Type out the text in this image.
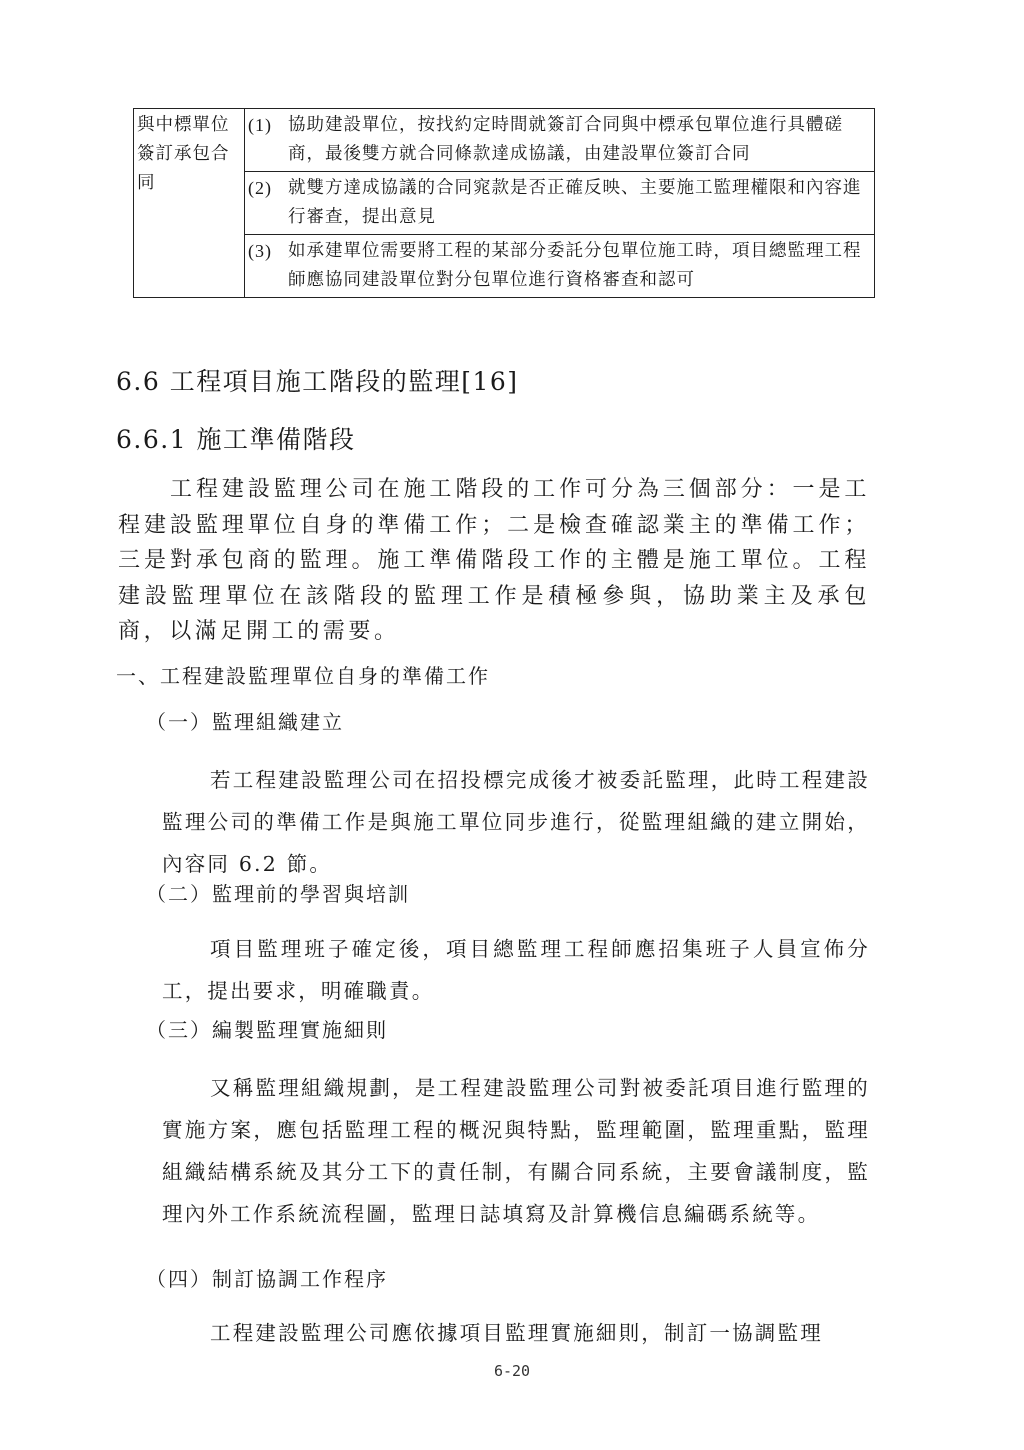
與中標單位簽訂承包合同	
(1) 協助建設單位，按找約定時間就簽訂合同與中標承包單位進行具體磋商，最後雙方就合同條款達成協議，由建設單位簽訂合同

(2) 就雙方達成協議的合同窕款是否正確反映、主要施工監理權限和內容進行審查，提出意見

(3) 如承建單位需要將工程的某部分委託分包單位施工時，項目總監理工程師應協同建設單位對分包單位進行資格審查和認可
6.6 工程項目施工階段的監理[16]
6.6.1 施工準備階段

工程建設監理公司在施工階段的工作可分為三個部分：一是工程建設監理單位自身的準備工作；二是檢查確認業主的準備工作；三是對承包商的監理。施工準備階段工作的主體是施工單位。工程建設監理單位在該階段的監理工作是積極參與，協助業主及承包商，以滿足開工的需要。

一、工程建設監理單位自身的準備工作

（一）監理組織建立

若工程建設監理公司在招投標完成後才被委託監理，此時工程建設監理公司的準備工作是與施工單位同步進行，從監理組織的建立開始，內容同 6.2 節。

（二）監理前的學習與培訓

項目監理班子確定後，項目總監理工程師應招集班子人員宣佈分工，提出要求，明確職責。

（三）編製監理實施細則

又稱監理組織規劃，是工程建設監理公司對被委託項目進行監理的實施方案，應包括監理工程的概況與特點，監理範圍，監理重點，監理組織結構系統及其分工下的責任制，有關合同系統，主要會議制度，監理內外工作系統流程圖，監理日誌填寫及計算機信息編碼系統等。

（四）制訂協調工作程序

工程建設監理公司應依據項目監理實施細則，制訂一協調監理

6-20
